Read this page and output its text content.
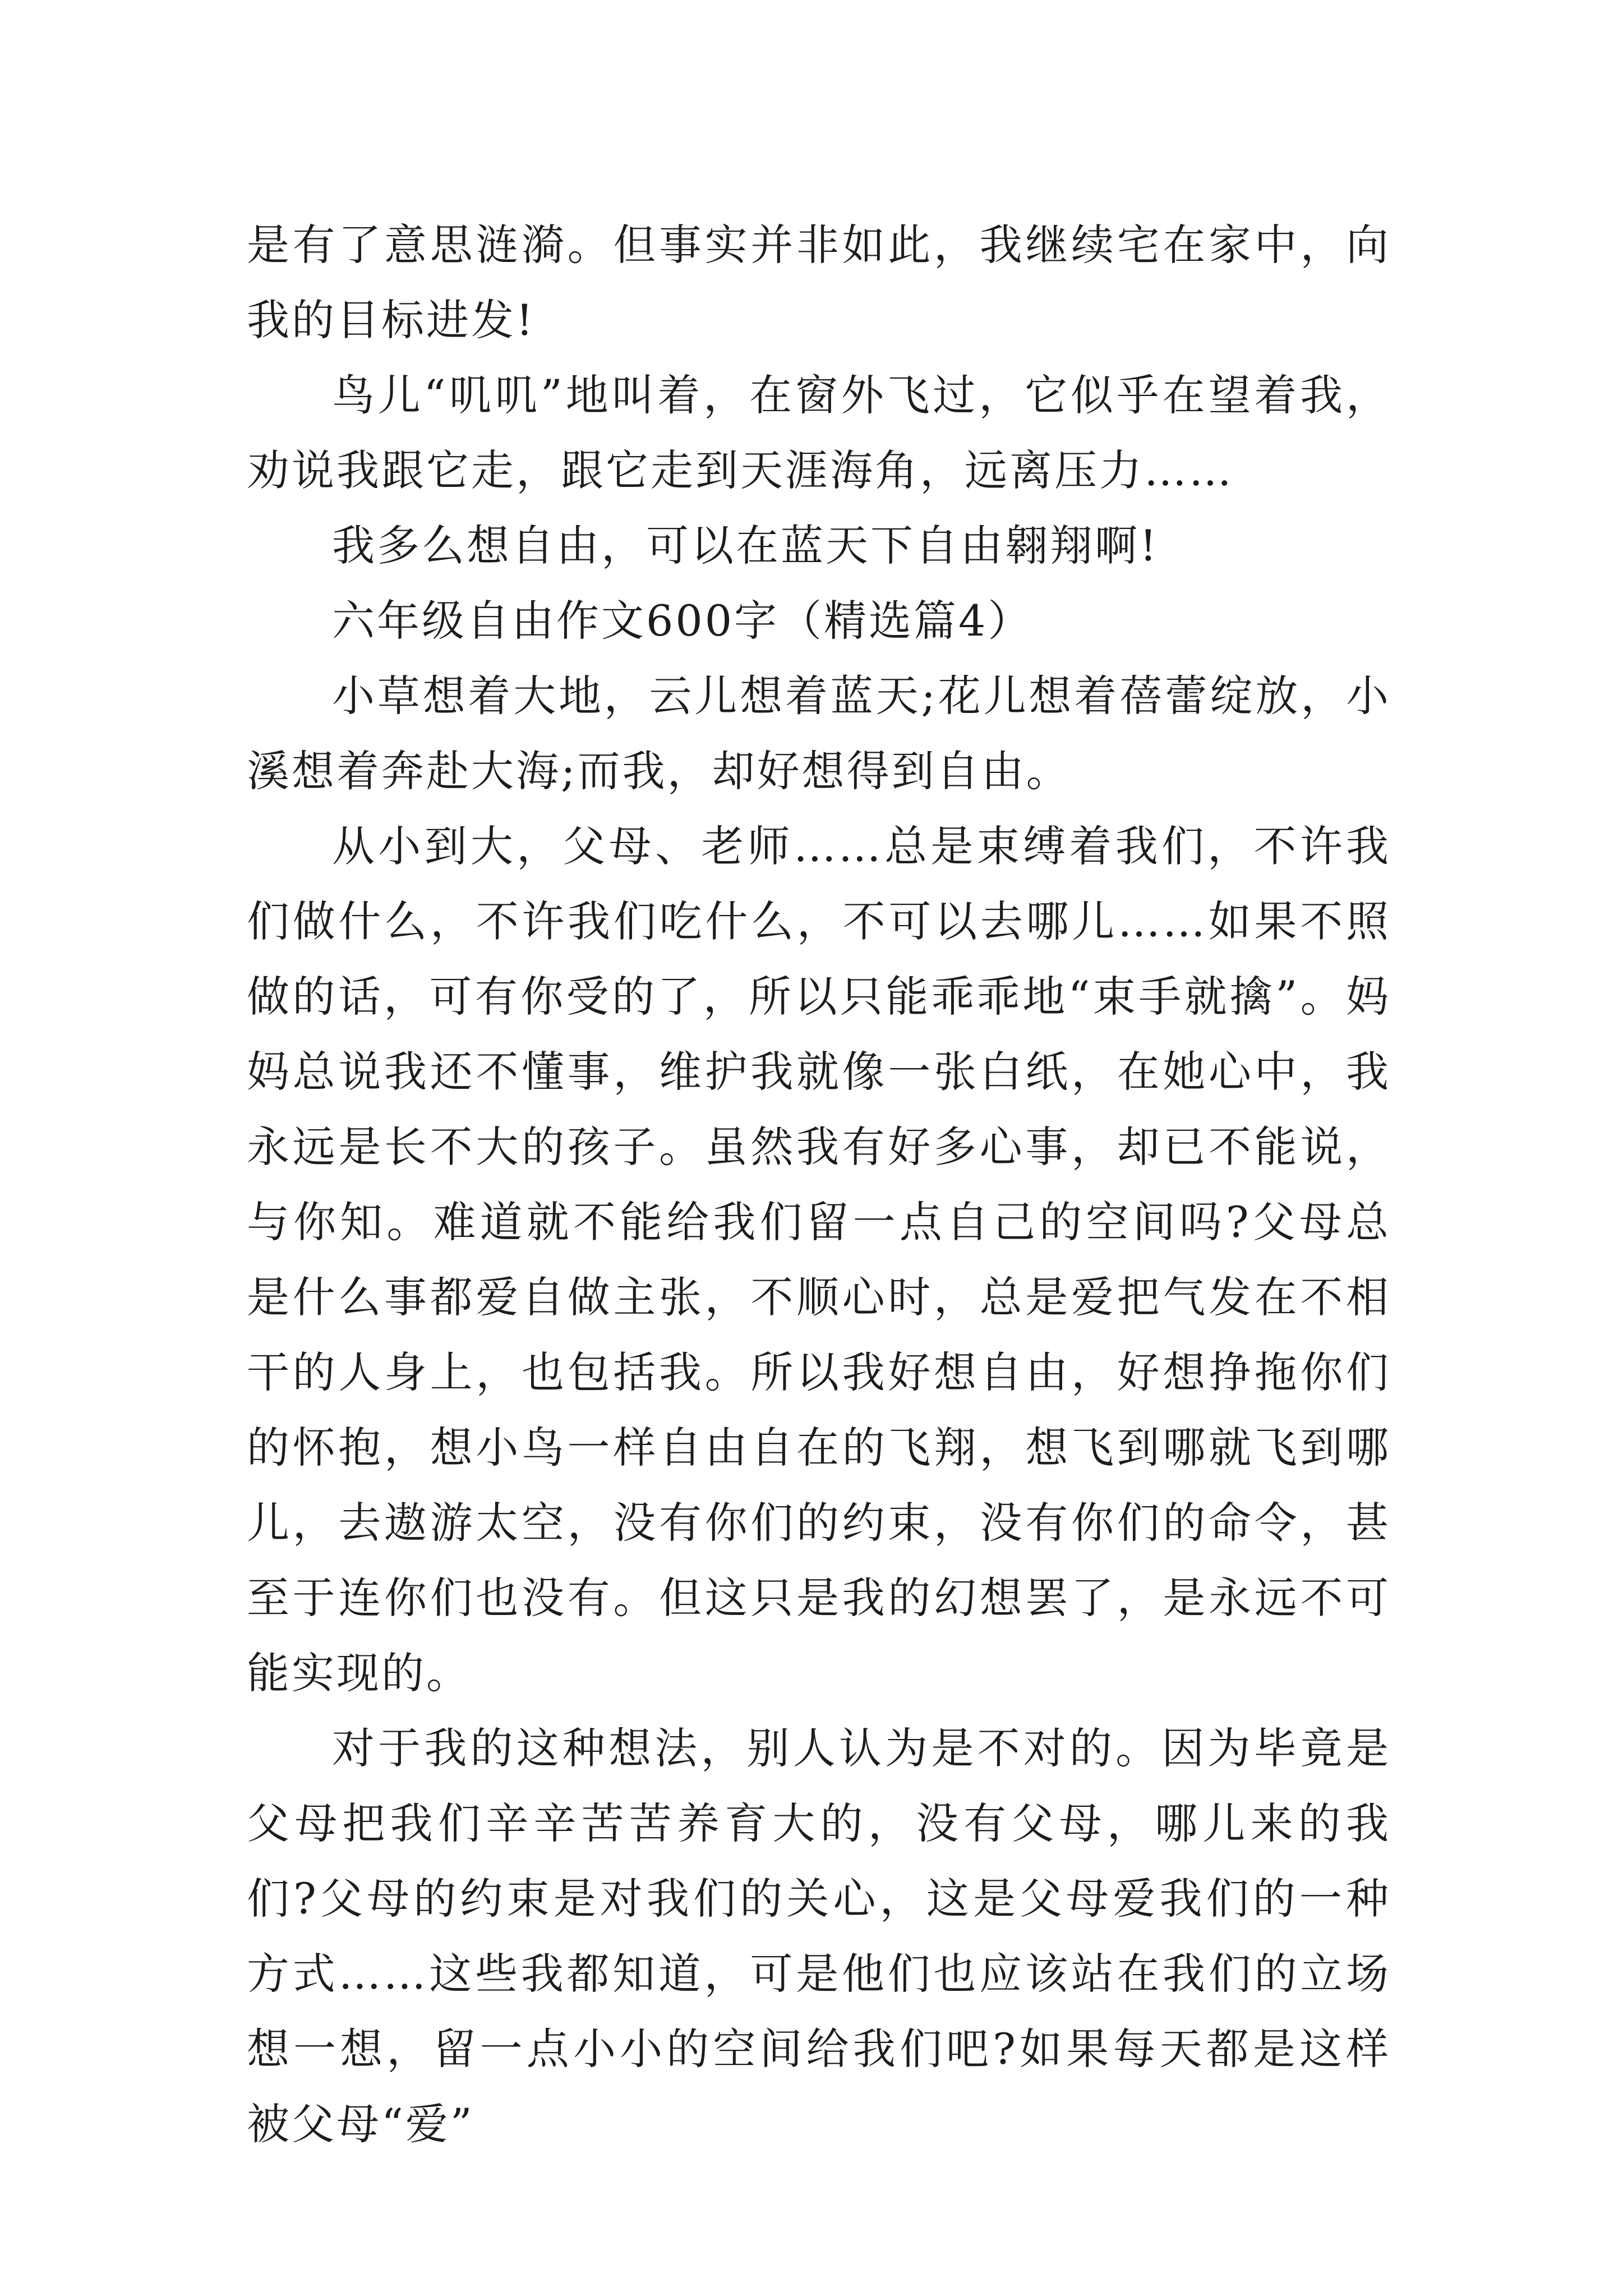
是有了意思涟漪。但事实并非如此，我继续宅在家中，向我的目标进发!

鸟儿“叽叽”地叫着，在窗外飞过，它似乎在望着我，劝说我跟它走，跟它走到天涯海角，远离压力……

我多么想自由，可以在蓝天下自由翱翔啊!

六年级自由作文600字（精选篇4）

小草想着大地，云儿想着蓝天;花儿想着蓓蕾绽放，小溪想着奔赴大海;而我，却好想得到自由。

从小到大，父母、老师……总是束缚着我们，不许我们做什么，不许我们吃什么，不可以去哪儿……如果不照做的话，可有你受的了，所以只能乖乖地“束手就擒”。妈妈总说我还不懂事，维护我就像一张白纸，在她心中，我永远是长不大的孩子。虽然我有好多心事，却已不能说，与你知。难道就不能给我们留一点自己的空间吗?父母总是什么事都爱自做主张，不顺心时，总是爱把气发在不相干的人身上，也包括我。所以我好想自由，好想挣拖你们的怀抱，想小鸟一样自由自在的飞翔，想飞到哪就飞到哪儿，去遨游太空，没有你们的约束，没有你们的命令，甚至于连你们也没有。但这只是我的幻想罢了，是永远不可能实现的。

对于我的这种想法，别人认为是不对的。因为毕竟是父母把我们辛辛苦苦养育大的，没有父母，哪儿来的我们?父母的约束是对我们的关心，这是父母爱我们的一种方式……这些我都知道，可是他们也应该站在我们的立场想一想，留一点小小的空间给我们吧?如果每天都是这样被父母“爱”
